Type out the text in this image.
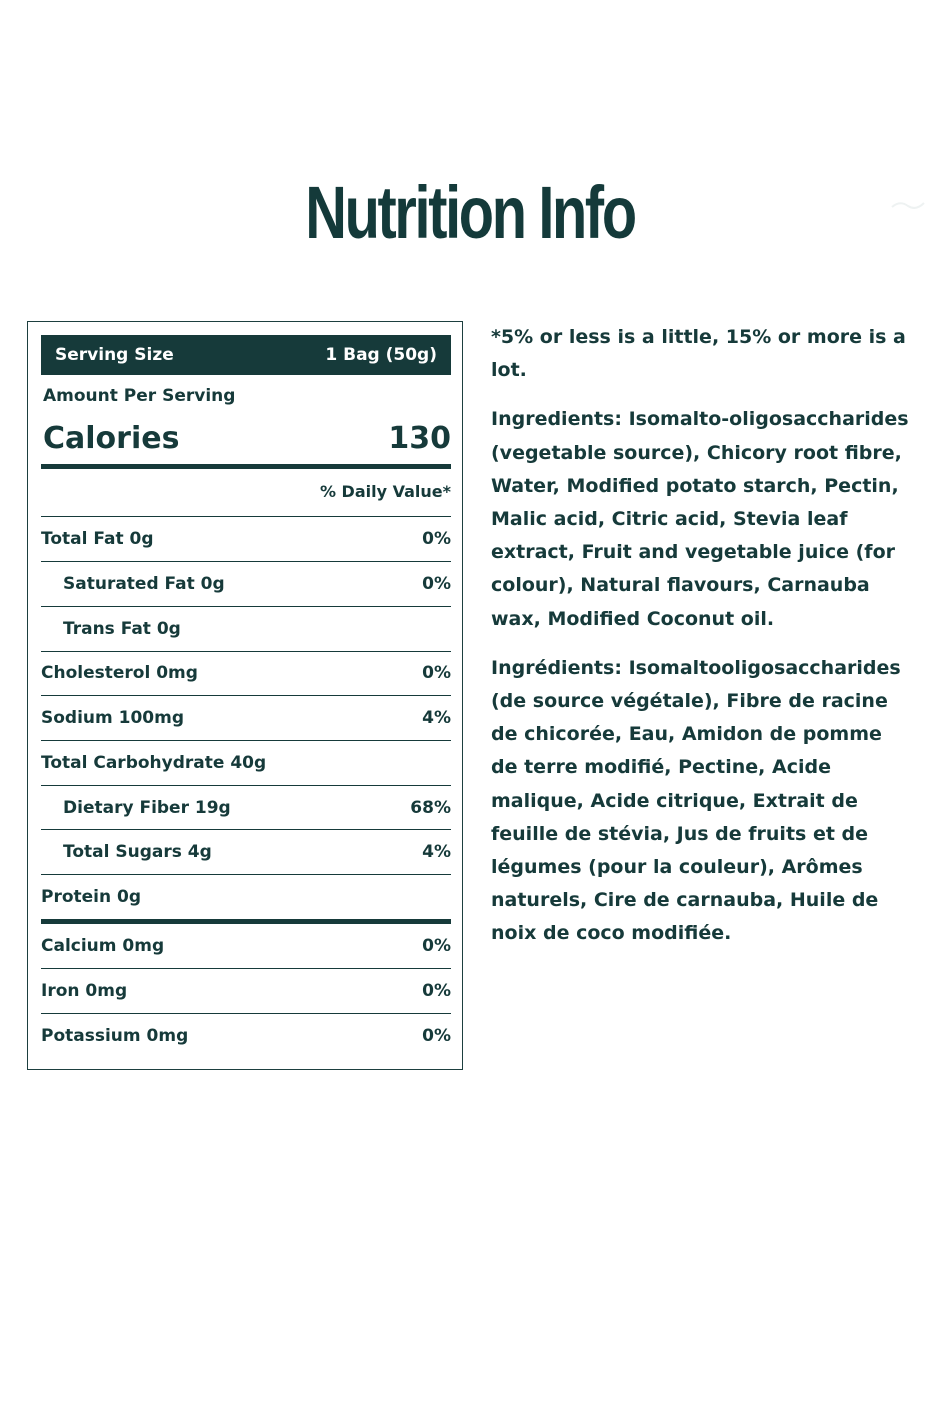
Nutrition Info
Serving Size	1 Bag (50g)
Amount Per Serving
Calories	130
% Daily Value*
Total Fat 0g	0%
Saturated Fat 0g	0%
Trans Fat 0g
Cholesterol 0mg	0%
Sodium 100mg	4%
Total Carbohydrate 40g
Dietary Fiber 19g	68%
Total Sugars 4g	4%
Protein 0g
Calcium 0mg	0%
Iron 0mg	0%
Potassium 0mg	0%

*5% or less is a little, 15% or more is a lot.

Ingredients: Isomalto-oligosaccharides (vegetable source), Chicory root fibre, Water, Modified potato starch, Pectin, Malic acid, Citric acid, Stevia leaf extract, Fruit and vegetable juice (for colour), Natural flavours, Carnauba wax, Modified Coconut oil.

Ingrédients: Isomaltooligosaccharides (de source végétale), Fibre de racine de chicorée, Eau, Amidon de pomme de terre modifié, Pectine, Acide malique, Acide citrique, Extrait de feuille de stévia, Jus de fruits et de légumes (pour la couleur), Arômes naturels, Cire de carnauba, Huile de noix de coco modifiée.
